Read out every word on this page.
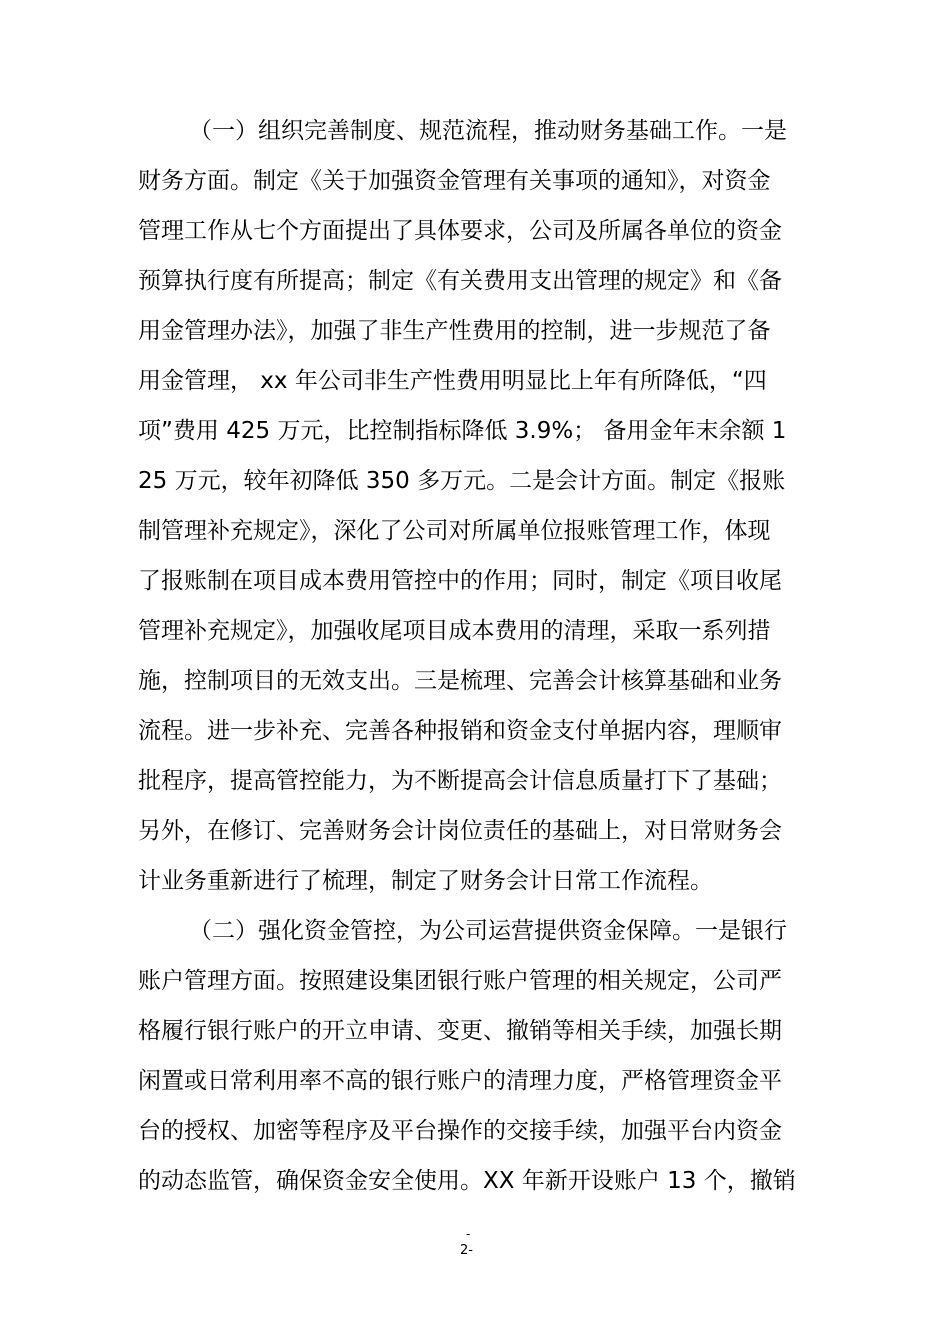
（一）组织完善制度、规范流程，推动财务基础工作。一是
财务方面。制定《关于加强资金管理有关事项的通知》，对资金
管理工作从七个方面提出了具体要求，公司及所属各单位的资金
预算执行度有所提高；制定《有关费用支出管理的规定》和《备
用金管理办法》，加强了非生产性费用的控制，进一步规范了备
用金管理， xx 年公司非生产性费用明显比上年有所降低，“四
项”费用 425 万元，比控制指标降低 3.9%； 备用金年末余额 1
25 万元，较年初降低 350 多万元。二是会计方面。制定《报账
制管理补充规定》，深化了公司对所属单位报账管理工作，体现
了报账制在项目成本费用管控中的作用；同时，制定《项目收尾
管理补充规定》，加强收尾项目成本费用的清理，采取一系列措
施，控制项目的无效支出。三是梳理、完善会计核算基础和业务
流程。进一步补充、完善各种报销和资金支付单据内容，理顺审
批程序，提高管控能力，为不断提高会计信息质量打下了基础；
另外，在修订、完善财务会计岗位责任的基础上，对日常财务会
计业务重新进行了梳理，制定了财务会计日常工作流程。
（二）强化资金管控，为公司运营提供资金保障。一是银行
账户管理方面。按照建设集团银行账户管理的相关规定，公司严
格履行银行账户的开立申请、变更、撤销等相关手续，加强长期
闲置或日常利用率不高的银行账户的清理力度，严格管理资金平
台的授权、加密等程序及平台操作的交接手续，加强平台内资金
的动态监管，确保资金安全使用。XX 年新开设账户 13 个，撤销
-
2-
